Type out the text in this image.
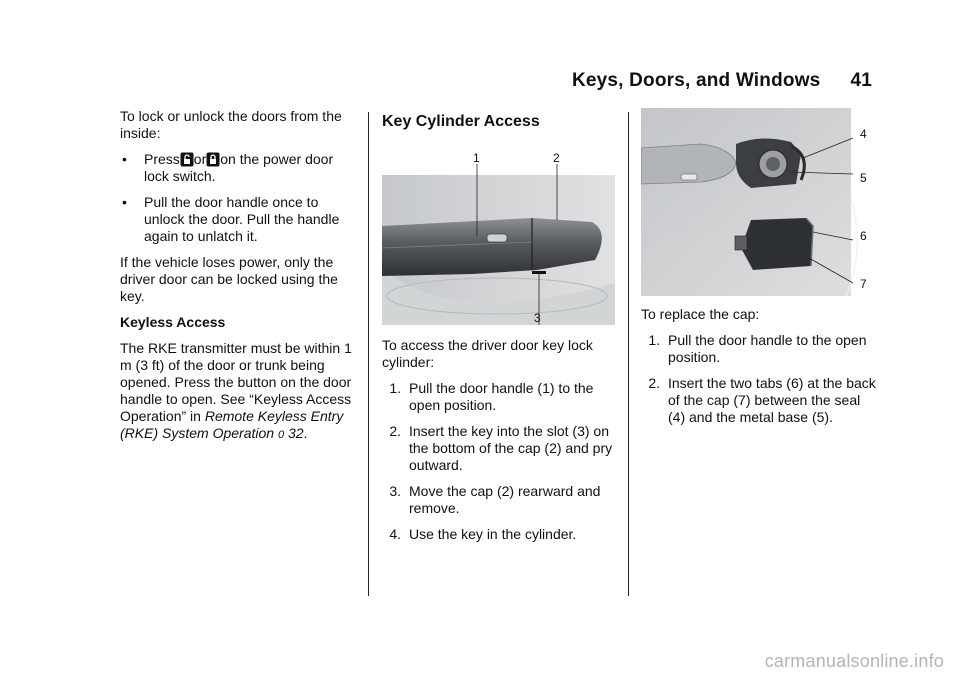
Keys, Doors, and Windows 41

To lock or unlock the doors from the inside:

•	Press or on the power door lock switch.
•	Pull the door handle once to unlock the door. Pull the handle again to unlatch it.

If the vehicle loses power, only the driver door can be locked using the key.

Keyless Access

The RKE transmitter must be within 1 m (3 ft) of the door or trunk being opened. Press the button on the door handle to open. See “Keyless Access Operation” in Remote Keyless Entry (RKE) System Operation 0 32.

Key Cylinder Access
1	2
3

To access the driver door key lock cylinder:

1. Pull the door handle (1) to the open position.
2. Insert the key into the slot (3) on the bottom of the cap (2) and pry outward.
3. Move the cap (2) rearward and remove.
4. Use the key in the cylinder.
4
5
6
7

To replace the cap:

1. Pull the door handle to the open position.
2. Insert the two tabs (6) at the back of the cap (7) between the seal (4) and the metal base (5).
carmanualsonline.info
